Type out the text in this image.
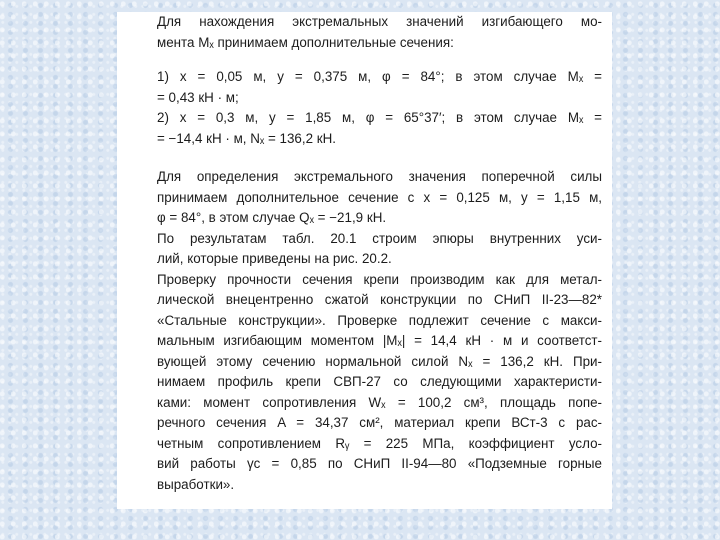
Для нахождения экстремальных значений изгибающего мо-
мента Mₓ принимаем дополнительные сечения:
1) x = 0,05 м, y = 0,375 м, φ = 84°; в этом случае Mₓ =
= 0,43 кН · м;
2) x = 0,3 м, y = 1,85 м, φ = 65°37′; в этом случае Mₓ =
= −14,4 кН · м, Nₓ = 136,2 кН.
Для определения экстремального значения поперечной силы
принимаем дополнительное сечение с x = 0,125 м, y = 1,15 м,
φ = 84°, в этом случае Qₓ = −21,9 кН.
По результатам табл. 20.1 строим эпюры внутренних уси-
лий, которые приведены на рис. 20.2.
Проверку прочности сечения крепи производим как для метал-
лической внецентренно сжатой конструкции по СНиП II-23—82*
«Стальные конструкции». Проверке подлежит сечение с макси-
мальным изгибающим моментом |Mₓ| = 14,4 кН · м и соответст-
вующей этому сечению нормальной силой Nₓ = 136,2 кН. При-
нимаем профиль крепи СВП-27 со следующими характеристи-
ками: момент сопротивления Wₓ = 100,2 см³, площадь попе-
речного сечения A = 34,37 см², материал крепи ВСт-3 с рас-
четным сопротивлением Rᵧ = 225 МПа, коэффициент усло-
вий работы γc = 0,85 по СНиП II-94—80 «Подземные горные
выработки».
